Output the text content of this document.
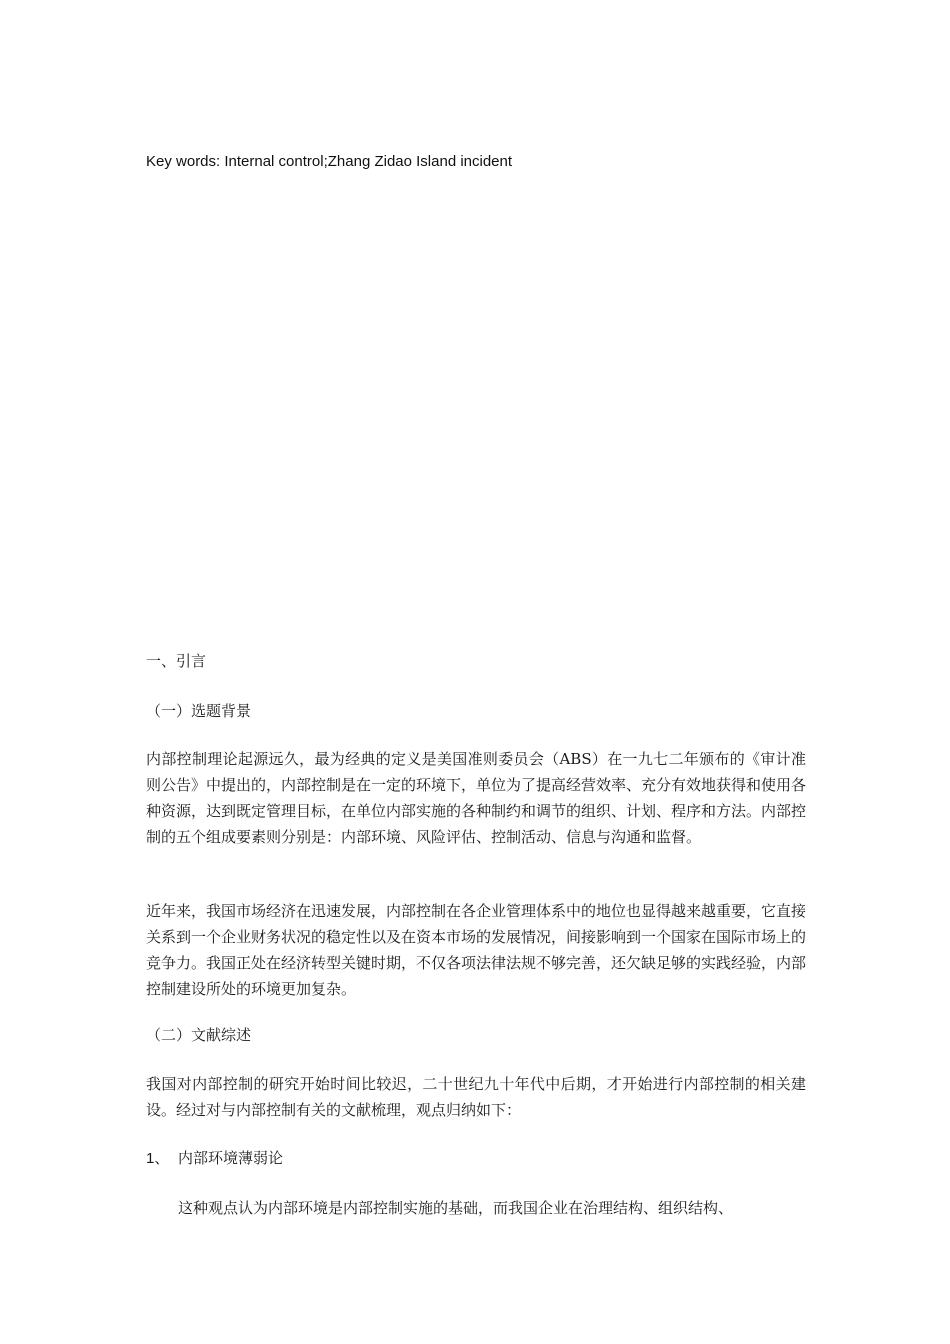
Key words: Internal control;Zhang Zidao Island incident
一、引言
（一）选题背景
内部控制理论起源远久，最为经典的定义是美国准则委员会（ABS）在一九七二年颁布的《审计准则公告》中提出的，内部控制是在一定的环境下，单位为了提高经营效率、充分有效地获得和使用各种资源，达到既定管理目标，在单位内部实施的各种制约和调节的组织、计划、程序和方法。内部控制的五个组成要素则分别是：内部环境、风险评估、控制活动、信息与沟通和监督。
近年来，我国市场经济在迅速发展，内部控制在各企业管理体系中的地位也显得越来越重要，它直接关系到一个企业财务状况的稳定性以及在资本市场的发展情况，间接影响到一个国家在国际市场上的竞争力。我国正处在经济转型关键时期，不仅各项法律法规不够完善，还欠缺足够的实践经验，内部控制建设所处的环境更加复杂。
（二）文献综述
我国对内部控制的研究开始时间比较迟，二十世纪九十年代中后期，才开始进行内部控制的相关建设。经过对与内部控制有关的文献梳理，观点归纳如下：
1、 内部环境薄弱论
这种观点认为内部环境是内部控制实施的基础，而我国企业在治理结构、组织结构、
